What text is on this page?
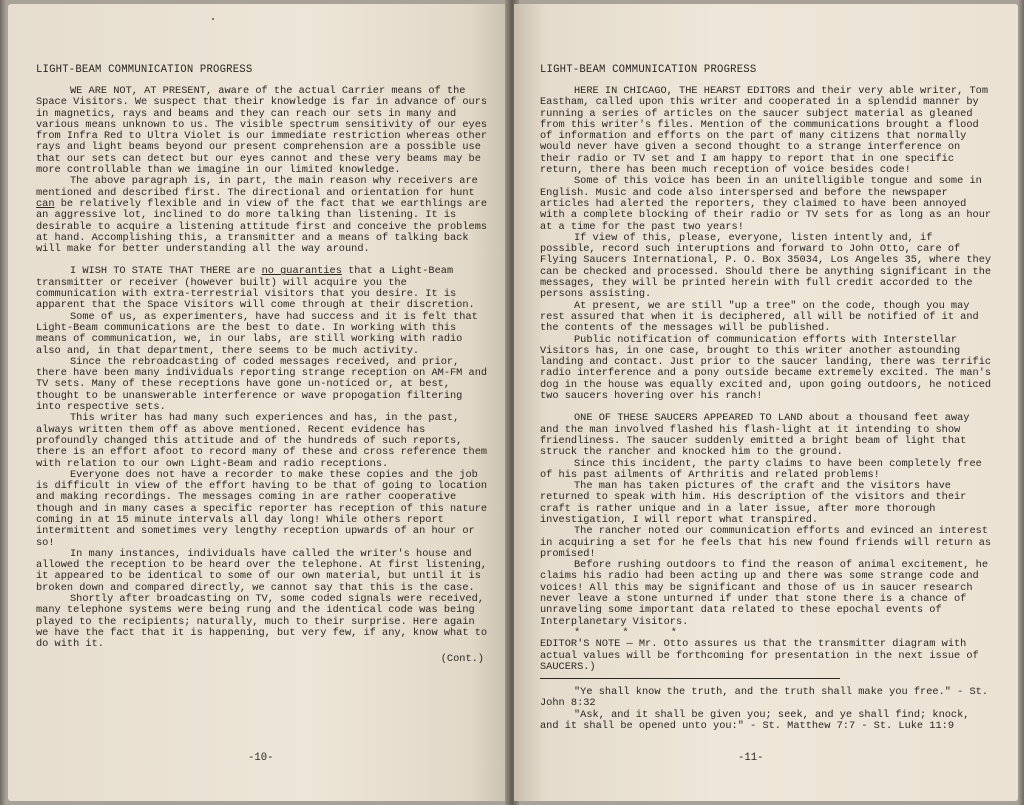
LIGHT-BEAM COMMUNICATION PROGRESS

WE ARE NOT, AT PRESENT, aware of the actual Carrier means of the Space Visitors. We suspect that their knowledge is far in advance of ours in magnetics, rays and beams and they can reach our sets in many and various means unknown to us. The visible spectrum sensitivity of our eyes from Infra Red to Ultra Violet is our immediate restriction whereas other rays and light beams beyond our present comprehension are a possible use that our sets can detect but our eyes cannot and these very beams may be more controllable than we imagine in our limited knowledge.

The above paragraph is, in part, the main reason why receivers are mentioned and described first. The directional and orientation for hunt can be relatively flexible and in view of the fact that we earthlings are an aggressive lot, inclined to do more talking than listening. It is desirable to acquire a listening attitude first and conceive the problems at hand. Accomplishing this, a transmitter and a means of talking back will make for better understanding all the way around.

I WISH TO STATE THAT THERE are no guaranties that a Light-Beam transmitter or receiver (however built) will acquire you the communication with extra-terrestrial visitors that you desire. It is apparent that the Space Visitors will come through at their discretion.

Some of us, as experimenters, have had success and it is felt that Light-Beam communications are the best to date. In working with this means of communication, we, in our labs, are still working with radio also and, in that department, there seems to be much activity.

Since the rebroadcasting of coded messages received, and prior, there have been many individuals reporting strange reception on AM-FM and TV sets. Many of these receptions have gone un-noticed or, at best, thought to be unanswerable interference or wave propogation filtering into respective sets.

This writer has had many such experiences and has, in the past, always written them off as above mentioned. Recent evidence has profoundly changed this attitude and of the hundreds of such reports, there is an effort afoot to record many of these and cross reference them with relation to our own Light-Beam and radio receptions.

Everyone does not have a recorder to make these copies and the job is difficult in view of the effort having to be that of going to location and making recordings. The messages coming in are rather cooperative though and in many cases a specific reporter has reception of this nature coming in at 15 minute intervals all day long! While others report intermittent and sometimes very lengthy reception upwards of an hour or so!

In many instances, individuals have called the writer's house and allowed the reception to be heard over the telephone. At first listening, it appeared to be identical to some of our own material, but until it is broken down and compared directly, we cannot say that this is the case.

Shortly after broadcasting on TV, some coded signals were received, many telephone systems were being rung and the identical code was being played to the recipients; naturally, much to their surprise. Here again we have the fact that it is happening, but very few, if any, know what to do with it.

(Cont.)
-10-
LIGHT-BEAM COMMUNICATION PROGRESS

HERE IN CHICAGO, THE HEARST EDITORS and their very able writer, Tom Eastham, called upon this writer and cooperated in a splendid manner by running a series of articles on the saucer subject material as gleaned from this writer's files. Mention of the communications brought a flood of information and efforts on the part of many citizens that normally would never have given a second thought to a strange interference on their radio or TV set and I am happy to report that in one specific return, there has been much reception of voice besides code!

Some of this voice has been in an unitelligible tongue and some in English. Music and code also interspersed and before the newspaper articles had alerted the reporters, they claimed to have been annoyed with a complete blocking of their radio or TV sets for as long as an hour at a time for the past two years!

If view of this, please, everyone, listen intently and, if possible, record such interuptions and forward to John Otto, care of Flying Saucers International, P. O. Box 35034, Los Angeles 35, where they can be checked and processed. Should there be anything significant in the messages, they will be printed herein with full credit accorded to the persons assisting.

At present, we are still "up a tree" on the code, though you may rest assured that when it is deciphered, all will be notified of it and the contents of the messages will be published.

Public notification of communication efforts with Interstellar Visitors has, in one case, brought to this writer another astounding landing and contact. Just prior to the saucer landing, there was terrific radio interference and a pony outside became extremely excited. The man's dog in the house was equally excited and, upon going outdoors, he noticed two saucers hovering over his ranch!

ONE OF THESE SAUCERS APPEARED TO LAND about a thousand feet away and the man involved flashed his flash-light at it intending to show friendliness. The saucer suddenly emitted a bright beam of light that struck the rancher and knocked him to the ground.

Since this incident, the party claims to have been completely free of his past ailments of Arthritis and related problems!

The man has taken pictures of the craft and the visitors have returned to speak with him. His description of the visitors and their craft is rather unique and in a later issue, after more thorough investigation, I will report what transpired.

The rancher noted our communication efforts and evinced an interest in acquiring a set for he feels that his new found friends will return as promised!

Before rushing outdoors to find the reason of animal excitement, he claims his radio had been acting up and there was some strange code and voices! All this may be significant and those of us in saucer research never leave a stone unturned if under that stone there is a chance of unraveling some important data related to these epochal events of Interplanetary Visitors.

* * *

EDITOR'S NOTE — Mr. Otto assures us that the transmitter diagram with actual values will be forthcoming for presentation in the next issue of SAUCERS.)

"Ye shall know the truth, and the truth shall make you free." - St. John 8:32

"Ask, and it shall be given you; seek, and ye shall find; knock, and it shall be opened unto you:" - St. Matthew 7:7 - St. Luke 11:9

-11-
